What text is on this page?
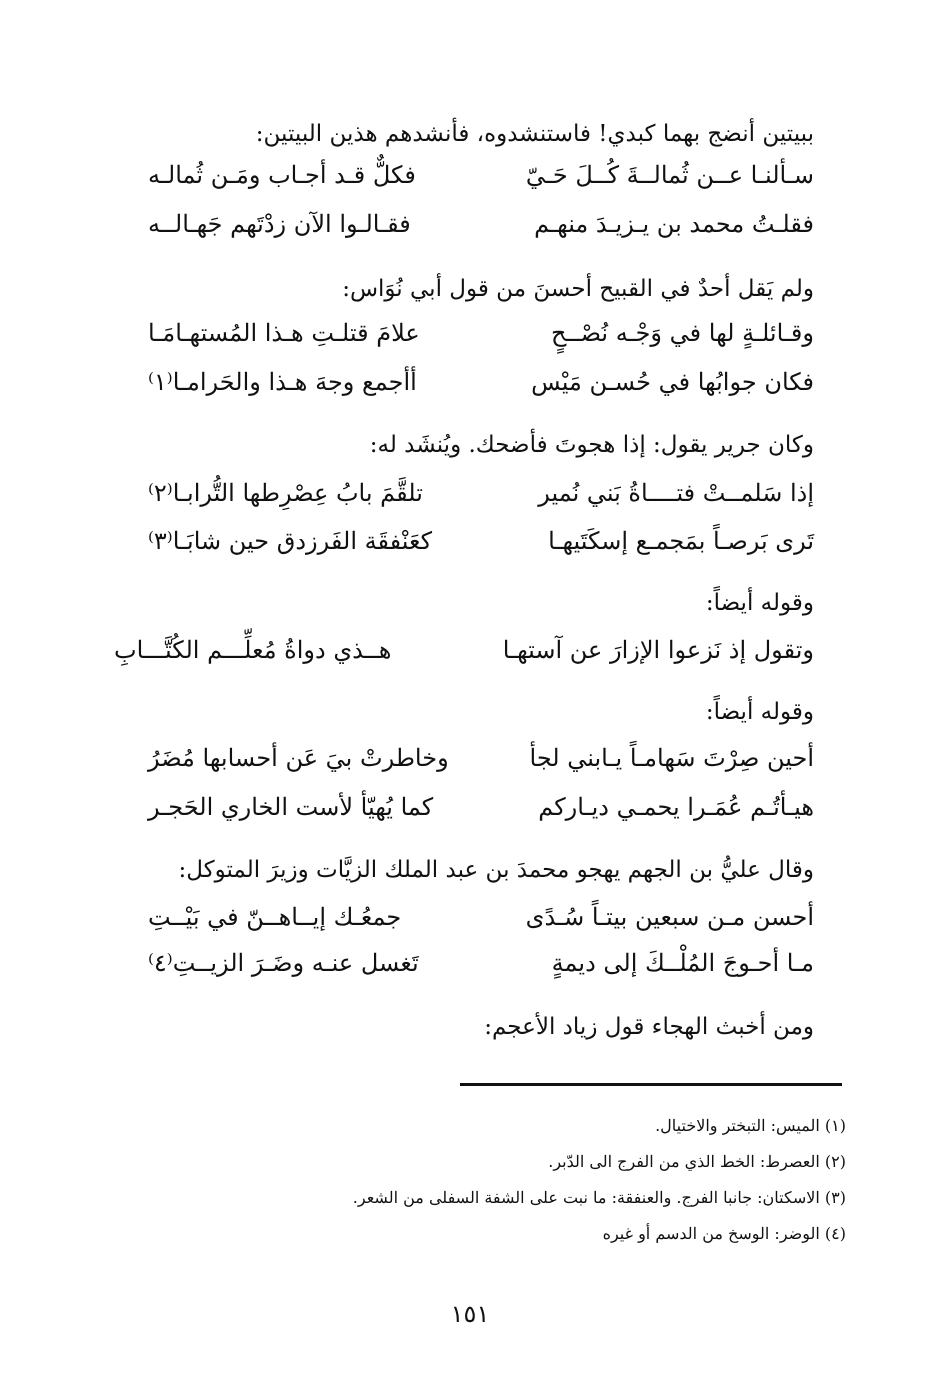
ببيتين أنضج بهما كبدي! فاستنشدوه، فأنشدهم هذين البيتين:
سـألنـا عــن ثُمالــةَ كُــلَ حَـيّ
فكلٌّ قـد أجـاب ومَـن ثُمالـه
فقلـتُ محمد بن يـزيـدَ منهـم
فقـالـوا الآن زدْتَهم جَهـالــه
ولم يَقل أحدٌ في القبيح أحسنَ من قول أبي نُوَاس:
وقـائلـةٍ لها في وَجْـه نُصْــحٍ
علامَ قتلـتِ هـذا المُستهـامَـا
فكان جوابُها في حُسـن مَيْس
أأجمع وجهَ هـذا والحَرامـا⁽١⁾
وكان جرير يقول: إذا هجوتَ فأضحك. ويُنشَد له:
إذا سَلمــتْ فتــــاةُ بَني نُمير
تلقَّمَ بابُ عِصْرِطها التُّرابـا⁽٢⁾
تَرى بَرصـاً بمَجمـع إسكَتَيهـا
كعَنْفقَة الفَرزدق حين شابَـا⁽٣⁾
وقوله أيضاً:
وتقول إذ نَزعوا الإزارَ عن آستهـا
هــذي دواةُ مُعلِّـــم الكُتَّـــابِ
وقوله أيضاً:
أحين صِرْتَ سَهامـاً يـابني لجأ
وخاطرتْ بيَ عَن أحسابها مُضَرُ
هيـأتُـم عُمَـرا يحمـي ديـاركم
كما يُهيّأ لأست الخاري الحَجـر
وقال عليُّ بن الجهم يهجو محمدَ بن عبد الملك الزيَّات وزيرَ المتوكل:
أحسن مـن سبعين بيتـاً سُـدًى
جمعُـك إيــاهــنّ في بَيْــتِ
مـا أحـوجَ المُلْــكَ إلى ديمةٍ
تَغسل عنـه وضَـرَ الزيــتِ⁽٤⁾
ومن أخبث الهجاء قول زياد الأعجم:
(١) الميس: التبختر والاختيال.
(٢) العصرط: الخط الذي من الفرج الى الدّبر.
(٣) الاسكتان: جانبا الفرج. والعنفقة: ما نبت على الشفة السفلى من الشعر.
(٤) الوضر: الوسخ من الدسم أو غيره
١٥١
